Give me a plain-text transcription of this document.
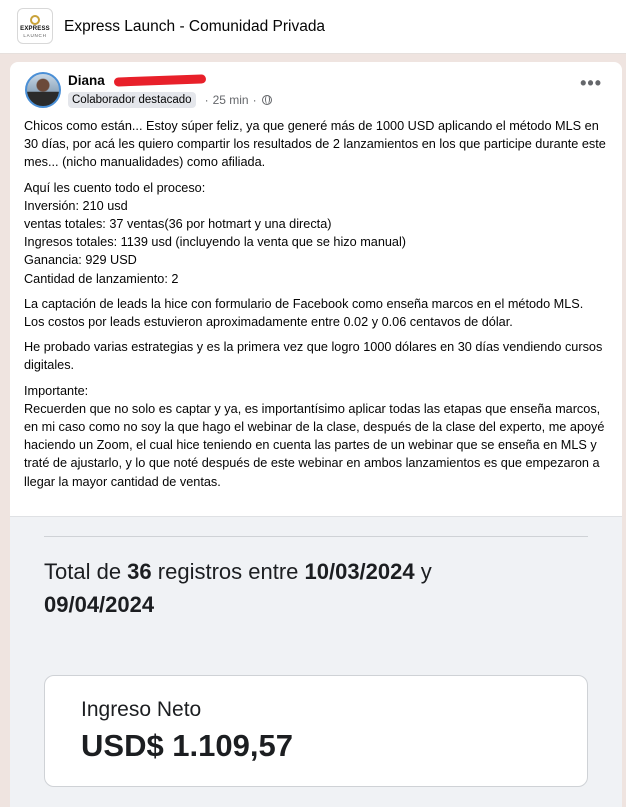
EXPRESS
LAUNCH Express Launch - Comunidad Privada
Diana
Colaborador destacado	· 25 min ·
•••

Chicos como están... Estoy súper feliz, ya que generé más de 1000 USD aplicando el método MLS en 30 días, por acá les quiero compartir los resultados de 2 lanzamientos en los que participe durante este mes... (nicho manualidades) como afiliada.

Aquí les cuento todo el proceso:
Inversión: 210 usd
ventas totales: 37 ventas(36 por hotmart y una directa)
Ingresos totales: 1139 usd (incluyendo la venta que se hizo manual)
Ganancia: 929 USD
Cantidad de lanzamiento: 2

La captación de leads la hice con formulario de Facebook como enseña marcos en el método MLS.
Los costos por leads estuvieron aproximadamente entre 0.02 y 0.06 centavos de dólar.

He probado varias estrategias y es la primera vez que logro 1000 dólares en 30 días vendiendo cursos digitales.

Importante:
Recuerden que no solo es captar y ya, es importantísimo aplicar todas las etapas que enseña marcos, en mi caso como no soy la que hago el webinar de la clase, después de la clase del experto, me apoyé haciendo un Zoom, el cual hice teniendo en cuenta las partes de un webinar que se enseña en MLS y traté de ajustarlo, y lo que noté después de este webinar en ambos lanzamientos es que empezaron a llegar la mayor cantidad de ventas.

Total de 36 registros entre 10/03/2024 y
09/04/2024
Ingreso Neto
USD$ 1.109,57
